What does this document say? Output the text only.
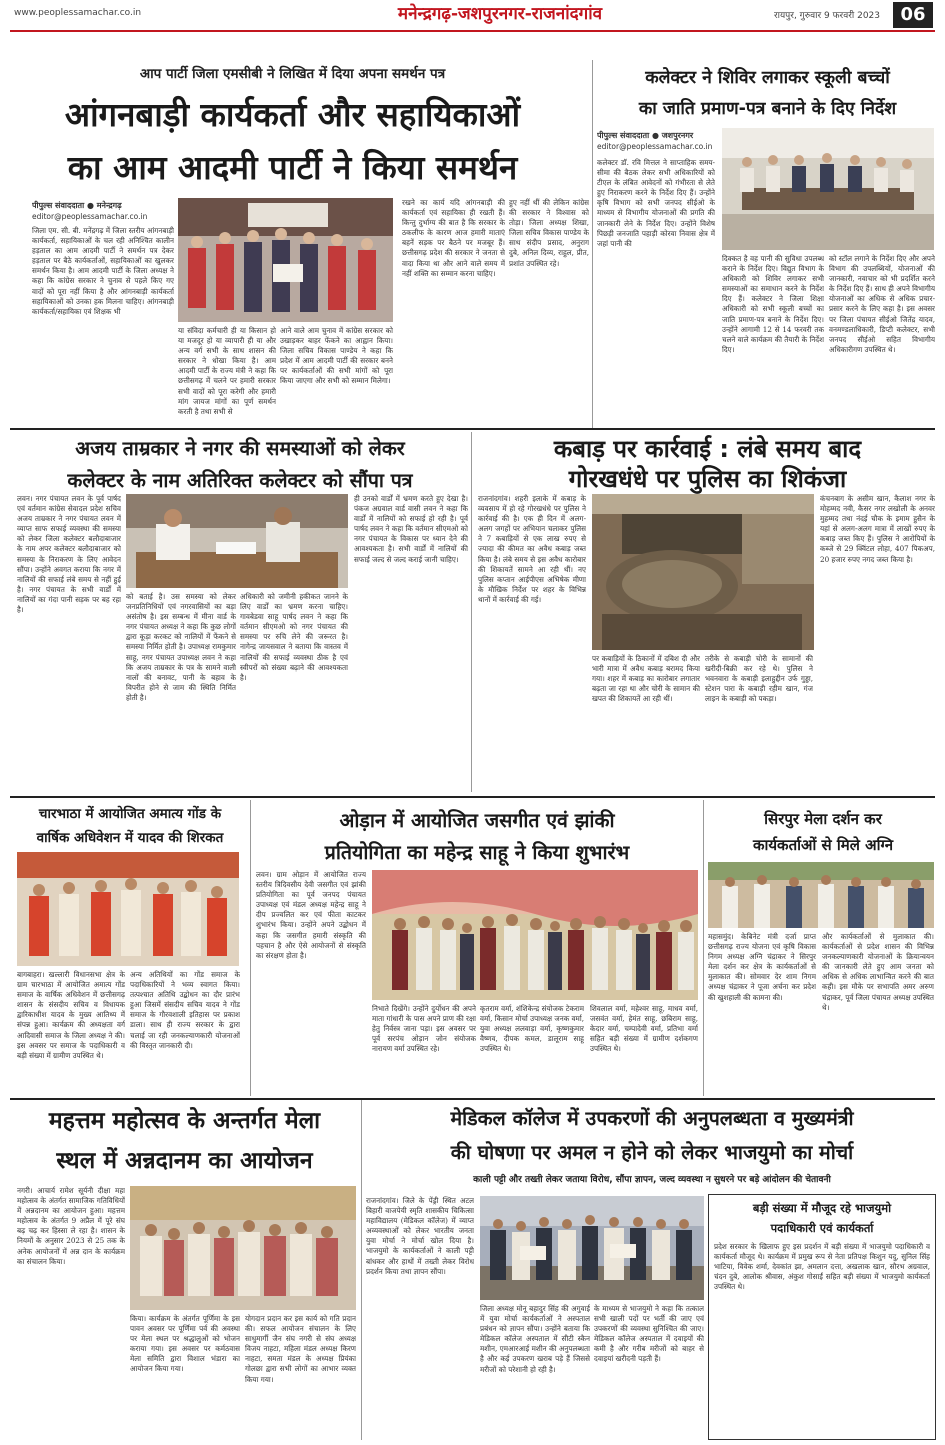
www.peoplessamachar.co.in	मनेन्द्रगढ़-जशपुरनगर-राजनांदगांव	रायपुर, गुरुवार 9 फरवरी 2023	06
आप पार्टी जिला एमसीबी ने लिखित में दिया अपना समर्थन पत्र
आंगनबाड़ी कार्यकर्ता और सहायिकाओं
का आम आदमी पार्टी ने किया समर्थन
पीपुल्स संवाददाता ● मनेन्द्रगढ़
editor@peoplessamachar.co.in
जिला एम. सी. बी. मनेंद्रगढ़ में जिला स्तरीय आंगनबाड़ी कार्यकर्ता, सहायिकाओं के चल रही अनिश्चित कालीन हड़ताल का आम आदमी पार्टी ने समर्थन पत्र देकर हड़ताल पर बैठे कार्यकर्ताओं, सहायिकाओं का खुलकर समर्थन किया है। आम आदमी पार्टी के जिला अध्यक्ष ने कहा कि कांग्रेस सरकार ने चुनाव से पहले किए गए वादों को पूरा नहीं किया है और आंगनबाड़ी कार्यकर्ता सहायिकाओं को उनका हक मिलना चाहिए। आंगनबाड़ी कार्यकर्ता/सहायिका एवं शिक्षक भी
या संविदा कर्मचारी ही या किसान हो या मजदूर हो या व्यापारी ही या और अन्य वर्ग सभी के साथ शासन की सरकार ने धोखा किया है। आम आदमी पार्टी के राज्य मंत्री ने कहा कि छत्तीसगढ़ में चलने पर हमारी सरकार सभी वादों को पूरा करेगी और हमारी मांग जायज मांगों का पूर्ण समर्थन करती है तथा सभी से
आने वाले आम चुनाव में कांग्रेस सरकार को उखाड़कर बाहर फेंकने का आह्वान किया। जिला सचिव विकास पाण्डेय ने कहा कि प्रदेश में आम आदमी पार्टी की सरकार बनने पर कार्यकर्ताओं की सभी मांगों को पूरा किया जाएगा और सभी को सम्मान मिलेगा।
रखने का कार्य यदि आंगनबाड़ी की कार्यकर्ता एवं सहायिका ही रखती हैं। किन्तु दुर्भाग्य की बात है कि सरकार के ठकलीफ के कारण आज हमारी माताएं बहनें सड़क पर बैठने पर मजबूर हैं। छत्तीसगढ़ प्रदेश की सरकार ने जनता से वादा किया था और आने वाले समय में नहीं शक्ति का सम्मान करना चाहिए।
हुए नहीं थीं की लेकिन कांग्रेस की सरकार ने विश्वास को तोड़ा। जिला अध्यक्ष शिखा, जिला सचिव विकास पाण्डेय के साथ संदीप प्रसाद, अनुराग दुबे, अनिल दिव्य, राहुल, प्रीत, प्रशांत उपस्थित रहे।
कलेक्टर ने शिविर लगाकर स्कूली बच्चों
का जाति प्रमाण-पत्र बनाने के दिए निर्देश
पीपुल्स संवाददाता ● जशपुरनगर
editor@peoplessamachar.co.in
कलेक्टर डॉ. रवि मित्तल ने साप्ताहिक समय-सीमा की बैठक लेकर सभी अधिकारियों को टीएल के लंबित आवेदनों को गंभीरता से लेते हुए निराकरण करने के निर्देश दिए हैं। उन्होंने कृषि विभाग को सभी जनपद सीईओ के माध्यम से विभागीय योजनाओं की प्रगति की जानकारी लेने के निर्देश दिए। उन्होंने विशेष पिछड़ी जनजाति पहाड़ी कोरवा निवास क्षेत्र में जहां पानी की
दिक्कत है वह पानी की सुविधा उपलब्ध कराने के निर्देश दिए। विद्युत विभाग के अधिकारी को शिविर लगाकर सभी समस्याओं का समाधान करने के निर्देश दिए हैं। कलेक्टर ने जिला शिक्षा अधिकारी को सभी स्कूली बच्चों का जाति प्रमाण-पत्र बनाने के निर्देश दिए। उन्होंने आगामी 12 से 14 फरवरी तक चलने वाले कार्यक्रम की तैयारी के निर्देश दिए।
को स्टॉल लगाने के निर्देश दिए और अपने विभाग की उपलब्धियों, योजनाओं की जानकारी, नवाचार को भी प्रदर्शित करने के निर्देश दिए हैं। साथ ही अपने विभागीय योजनाओं का अधिक से अधिक प्रचार-प्रसार करने के लिए कहा है। इस अवसर पर जिला पंचायत सीईओ जितेंद्र यादव, वनमण्डलाधिकारी, डिप्टी कलेक्टर, सभी जनपद सीईओ सहित विभागीय अधिकारीगण उपस्थित थे।
अजय ताम्रकार ने नगर की समस्याओं को लेकर
कलेक्टर के नाम अतिरिक्त कलेक्टर को सौंपा पत्र
लवन। नगर पंचायत लवन के पूर्व पार्षद एवं वर्तमान कांग्रेस सेवादल प्रदेश सचिव अजय ताम्रकार ने नगर पंचायत लवन में व्याप्त साफ सफाई व्यवस्था की समस्या को लेकर जिला कलेक्टर बलौदाबाजार के नाम अपर कलेक्टर बलौदाबाजार को समस्या के निराकरण के लिए आवेदन सौंपा। उन्होंने अवगत कराया कि नगर में नालियों की सफाई लंबे समय से नहीं हुई है। नगर पंचायत के सभी वार्डों में नालियों का गंदा पानी सड़क पर बह रहा है।
को बताई है। उस समस्या को लेकर जनप्रतिनिधियों एवं नगरवासियों का बड़ा असंतोष है। इस सम्बन्ध में मीना वार्ड के नगर पंचायत अध्यक्ष ने कहा कि कुछ लोगों द्वारा कूड़ा करकट को नालियों में फेंकने से समस्या निर्मित होती है। उपाध्यक्ष रामकुमार साहू, नगर पंचायत उपाध्यक्ष लवन ने कहा कि अजय ताम्रकार के पत्र के सामने वाली नालों की बनावट, पानी के बहाव के विपरीत होने से जाम की स्थिति निर्मित होती है।
अधिकारी को जमीनी हकीकत जानने के लिए वार्डों का भ्रमण करना चाहिए। गावबेडवा साहू पार्षद लवन ने कहा कि वर्तमान सीएमओ को नगर पंचायत की समस्या पर रुचि लेने की जरूरत है। नागेन्द्र जायसवाल ने बताया कि वास्तव में नालियों की सफाई व्यवस्था ठीक है एवं स्वीपरों को संख्या बढ़ाने की आवश्यकता है।
ही उनको वार्डों में भ्रमण करते हुए देखा है। पंकज अग्रवाल वार्ड वासी लवन ने कहा कि वार्डों में नालियों को सफाई हो रही है। पूर्व पार्षद लवन ने कहा कि वर्तमान सीएमओ को नगर पंचायत के विकास पर ध्यान देने की आवश्यकता है। सभी वार्डों में नालियों की सफाई जल्द से जल्द कराई जानी चाहिए।
कबाड़ पर कार्रवाई : लंबे समय बाद
गोरखधंधे पर पुलिस का शिकंजा
राजनांदगांव। शहरी इलाके में कबाड़ के व्यवसाय में हो रहे गोरखधंधे पर पुलिस ने कार्रवाई की है। एक ही दिन में अलग-अलग जगहों पर अभियान चलाकर पुलिस ने 7 कबाड़ियों से एक लाख रुपए से ज्यादा की कीमत का अवैध कबाड़ जब्त किया है। लंबे समय से इस अवैध कारोबार की शिकायतें सामने आ रही थीं। नए पुलिस कप्तान आईपीएस अभिषेक मीणा के मौखिक निर्देश पर शहर के विभिन्न थानों में कार्रवाई की गई।
पर कबाड़ियों के ठिकानों में दबिश दी और भारी मात्रा में अवैध कबाड़ बरामद किया गया। शहर में कबाड़ का कारोबार लगातार बढ़ता जा रहा था और चोरी के सामान की खपत की शिकायतें आ रही थीं।
तरीके से कबाड़ी चोरी के सामानों की खरीदी-बिक्री कर रहे थे। पुलिस ने भवनवारा के कबाड़ी इलाहुद्दीन उर्फ गुड्डा, स्टेशन पारा के कबाड़ी रहीम खान, गंज लाइन के कबाड़ी को पकड़ा।
कंचनबाग के असीम खान, कैलाश नगर के मोहम्मद नवी, कैसर नगर लखोली के अनवर मुहम्मद तथा नंदई चौक के इमाम हुसैन के यहां से अलग-अलग मात्रा में लाखों रुपए के कबाड़ जब्त किए हैं। पुलिस ने आरोपियों के कब्जे से 29 क्विंटल लोहा, 407 पिकअप, 20 हजार रुपए नगद जब्त किया है।
चारभाठा में आयोजित अमात्य गोंड के
वार्षिक अधिवेशन में यादव की शिरकत
बागबाहरा। खल्लारी विधानसभा क्षेत्र के ग्राम चारभाठा में आयोजित अमात्य गोंड समाज के वार्षिक अधिवेशन में छत्तीसगढ़ शासन के संसदीय सचिव व विधायक द्वारिकाधीश यादव के मुख्य आतिथ्य में संपन्न हुआ। कार्यक्रम की अध्यक्षता वर्ग आदिवासी समाज के जिला अध्यक्ष ने की। इस अवसर पर समाज के पदाधिकारी व बड़ी संख्या में ग्रामीण उपस्थित थे।
अन्य अतिथियों का गोंड समाज के पदाधिकारियों ने भव्य स्वागत किया। तत्पश्चात अतिथि उद्बोधन का दौर प्रारंभ हुआ जिसमें संसदीय सचिव यादव ने गोंड समाज के गौरवशाली इतिहास पर प्रकाश डाला। साथ ही राज्य सरकार के द्वारा चलाई जा रही जनकल्याणकारी योजनाओं की विस्तृत जानकारी दी।
ओड़ान में आयोजित जसगीत एवं झांकी
प्रतियोगिता का महेन्द्र साहू ने किया शुभारंभ
लवन। ग्राम ओड़ान में आयोजित राज्य स्तरीय त्रिदिवसीय देवी जसगीत एवं झांकी प्रतियोगिता का पूर्व जनपद पंचायत उपाध्यक्ष एवं मंडल अध्यक्ष महेन्द्र साहू ने दीप प्रज्वलित कर एवं फीता काटकर शुभारंभ किया। उन्होंने अपने उद्बोधन में कहा कि जसगीत हमारी संस्कृति की पहचान है और ऐसे आयोजनों से संस्कृति का संरक्षण होता है।
निभाते दिखेंगे। उन्होंने दुर्योधन की अपने माता गांधारी के पास अपने प्राण की रक्षा हेतु निर्वस्त्र जाना पड़ा। इस अवसर पर पूर्व सरपंच ओड़ान जोन संयोजक नारायण वर्मा उपस्थित रहे।
कृतराम वर्मा, शंशिकेन्द्र संयोजक टेकराम वर्मा, किसान मोर्चा उपाध्यक्ष जनक वर्मा, युवा अध्यक्ष ललवाड़ा वर्मा, कृष्णकुमार वैष्णव, दीपक कमल, डालूराम साहू उपस्थित थे।
शिवलाल वर्मा, महेश्वर साहू, माधव वर्मा, जसवंत वर्मा, हेमंत साहू, छबिराम साहू, केदार वर्मा, चम्पादेवी वर्मा, प्रतिभा वर्मा सहित बड़ी संख्या में ग्रामीण दर्शकगण उपस्थित थे।
सिरपुर मेला दर्शन कर
कार्यकर्ताओं से मिले अग्नि
महासमुंद। केबिनेट मंत्री दर्जा प्राप्त छत्तीसगढ़ राज्य योजना एवं कृषि विकास निगम अध्यक्ष अग्नि चंद्राकर ने सिरपुर मेला दर्शन कर क्षेत्र के कार्यकर्ताओं से मुलाकात की। सोमवार देर शाम निगम अध्यक्ष चंद्राकर ने पूजा अर्चना कर प्रदेश की खुशहाली की कामना की।
और कार्यकर्ताओं से मुलाकात की। कार्यकर्ताओं से प्रदेश शासन की विभिन्न जनकल्याणकारी योजनाओं के क्रियान्वयन की जानकारी लेते हुए आम जनता को अधिक से अधिक लाभान्वित करने की बात कही। इस मौके पर सभापति अमर अरुण चंद्राकर, पूर्व जिला पंचायत अध्यक्ष उपस्थित थे।
महत्तम महोत्सव के अन्तर्गत मेला
स्थल में अन्नदानम का आयोजन
नगरी। आचार्य रामेश सूर्यनी दीक्षा महा महोत्सव के अंतर्गत सामाजिक गतिविधियों में अन्नदानम का आयोजन हुआ। महत्तम महोत्सव के अंतर्गत 9 अप्रैल में पूरे संघ बढ़ चढ़ कर हिस्सा ले रहा है। शासन के नियमों के अनुसार 2023 से 25 तक के अनेक आयोजनों में अन्न दान के कार्यक्रम का संचालन किया।
किया। कार्यक्रम के अंतर्गत पूर्णिमा के इस पावन अवसर पर पूर्णिमा पर्व की अवस्था पर मेला स्थल पर श्रद्धालुओं को भोजन कराया गया। इस अवसर पर कर्मठवास मेला समिति द्वारा विशाल भंडारा का आयोजन किया गया।
योगदान प्रदान कर इस कार्य को गति प्रदान की। सफल आयोजन संचालन के लिए साधुमार्गी जैन संघ नगरी से संघ अध्यक्ष विजय नाहटा, महिला मंडल अध्यक्ष किरण नाहटा, समता मंडल के अध्यक्ष प्रियंका गोलछा द्वारा सभी लोगों का आभार व्यक्त किया गया।
मेडिकल कॉलेज में उपकरणों की अनुपलब्धता व मुख्यमंत्री
की घोषणा पर अमल न होने को लेकर भाजयुमो का मोर्चा
काली पट्टी और तख्ती लेकर जताया विरोध, सौंपा ज्ञापन, जल्द व्यवस्था न सुधरने पर बड़े आंदोलन की चेतावनी
राजनांदगांव। जिले के पेंड्री स्थित अटल बिहारी वाजपेयी स्मृति शासकीय चिकित्सा महाविद्यालय (मेडिकल कॉलेज) में व्याप्त अव्यवस्थाओं को लेकर भारतीय जनता युवा मोर्चा ने मोर्चा खोल दिया है। भाजयुमो के कार्यकर्ताओं ने काली पट्टी बांधकर और हाथों में तख्ती लेकर विरोध प्रदर्शन किया तथा ज्ञापन सौंपा।
जिला अध्यक्ष मोनू बहादुर सिंह की अगुवाई में युवा मोर्चा कार्यकर्ताओं ने अस्पताल प्रबंधन को ज्ञापन सौंपा। उन्होंने बताया कि मेडिकल कॉलेज अस्पताल में सीटी स्कैन मशीन, एमआरआई मशीन की अनुपलब्धता है और कई उपकरण खराब पड़े हैं जिससे मरीजों को परेशानी हो रही है।
के माध्यम से भाजयुमो ने कहा कि तत्काल सभी खाली पदों पर भर्ती की जाए एवं उपकरणों की व्यवस्था सुनिश्चित की जाए। मेडिकल कॉलेज अस्पताल में दवाइयों की कमी है और गरीब मरीजों को बाहर से दवाइयां खरीदनी पड़ती हैं।
बड़ी संख्या में मौजूद रहे भाजयुमो
पदाधिकारी एवं कार्यकर्ता
प्रदेश सरकार के खिलाफ हुए इस प्रदर्शन में बड़ी संख्या में भाजयुमो पदाधिकारी व कार्यकर्ता मौजूद थे। कार्यक्रम में प्रमुख रूप से नेता प्रतिपक्ष किशुन यदु, सुनिल सिंह भाटिया, विवेक शर्मा, देवकांत झा, अमलान दत्ता, अखलाक खान, सौरभ अग्रवाल, चंदन दुबे, आलोक श्रीवास, अंकुश गोसाईं सहित बड़ी संख्या में भाजयुमो कार्यकर्ता उपस्थित थे।
